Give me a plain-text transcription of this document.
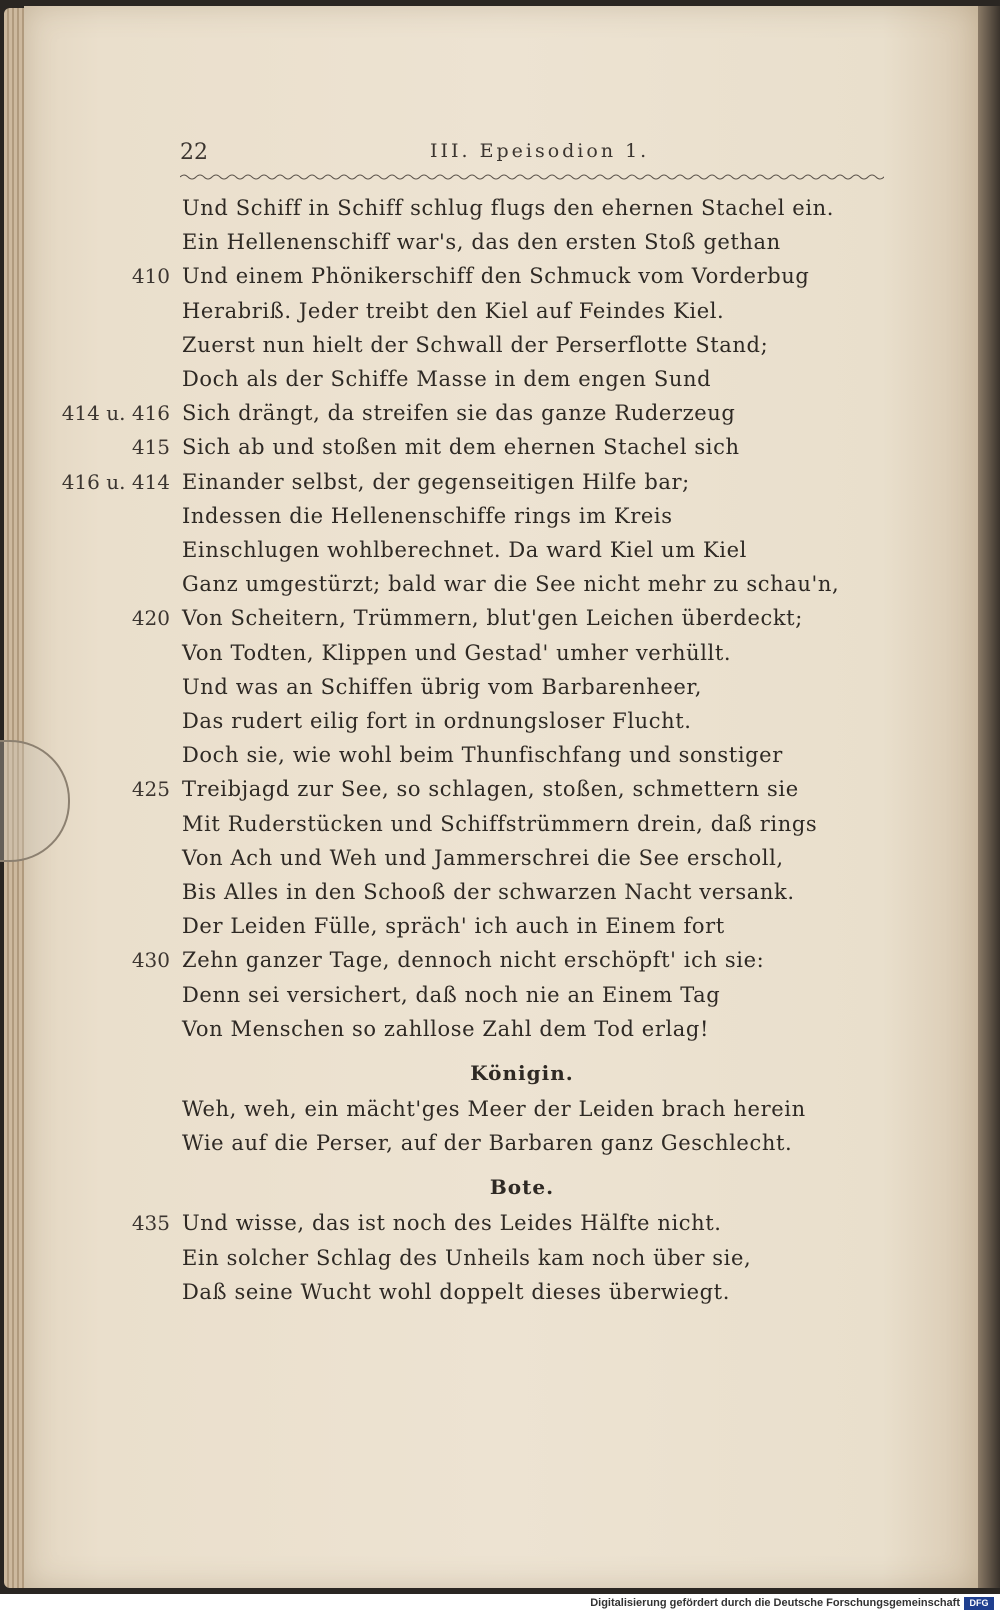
22	III. Epeisodion 1.
Und Schiff in Schiff schlug flugs den ehernen Stachel ein.
Ein Hellenenschiff war's, das den ersten Stoß gethan
410 Und einem Phönikerschiff den Schmuck vom Vorderbug
Herabriß. Jeder treibt den Kiel auf Feindes Kiel.
Zuerst nun hielt der Schwall der Perserflotte Stand;
Doch als der Schiffe Masse in dem engen Sund
414 u. 416 Sich drängt, da streifen sie das ganze Ruderzeug
415 Sich ab und stoßen mit dem ehernen Stachel sich
416 u. 414 Einander selbst, der gegenseitigen Hilfe bar;
Indessen die Hellenenschiffe rings im Kreis
Einschlugen wohlberechnet. Da ward Kiel um Kiel
Ganz umgestürzt; bald war die See nicht mehr zu schau'n,
420 Von Scheitern, Trümmern, blut'gen Leichen überdeckt;
Von Todten, Klippen und Gestad' umher verhüllt.
Und was an Schiffen übrig vom Barbarenheer,
Das rudert eilig fort in ordnungsloser Flucht.
Doch sie, wie wohl beim Thunfischfang und sonstiger
425 Treibjagd zur See, so schlagen, stoßen, schmettern sie
Mit Ruderstücken und Schiffstrümmern drein, daß rings
Von Ach und Weh und Jammerschrei die See erscholl,
Bis Alles in den Schooß der schwarzen Nacht versank.
Der Leiden Fülle, spräch' ich auch in Einem fort
430 Zehn ganzer Tage, dennoch nicht erschöpft' ich sie:
Denn sei versichert, daß noch nie an Einem Tag
Von Menschen so zahllose Zahl dem Tod erlag!
Königin.
Weh, weh, ein mächt'ges Meer der Leiden brach herein
Wie auf die Perser, auf der Barbaren ganz Geschlecht.
Bote.
435 Und wisse, das ist noch des Leides Hälfte nicht.
Ein solcher Schlag des Unheils kam noch über sie,
Daß seine Wucht wohl doppelt dieses überwiegt.
Digitalisierung gefördert durch die Deutsche Forschungsgemeinschaft	DFG
